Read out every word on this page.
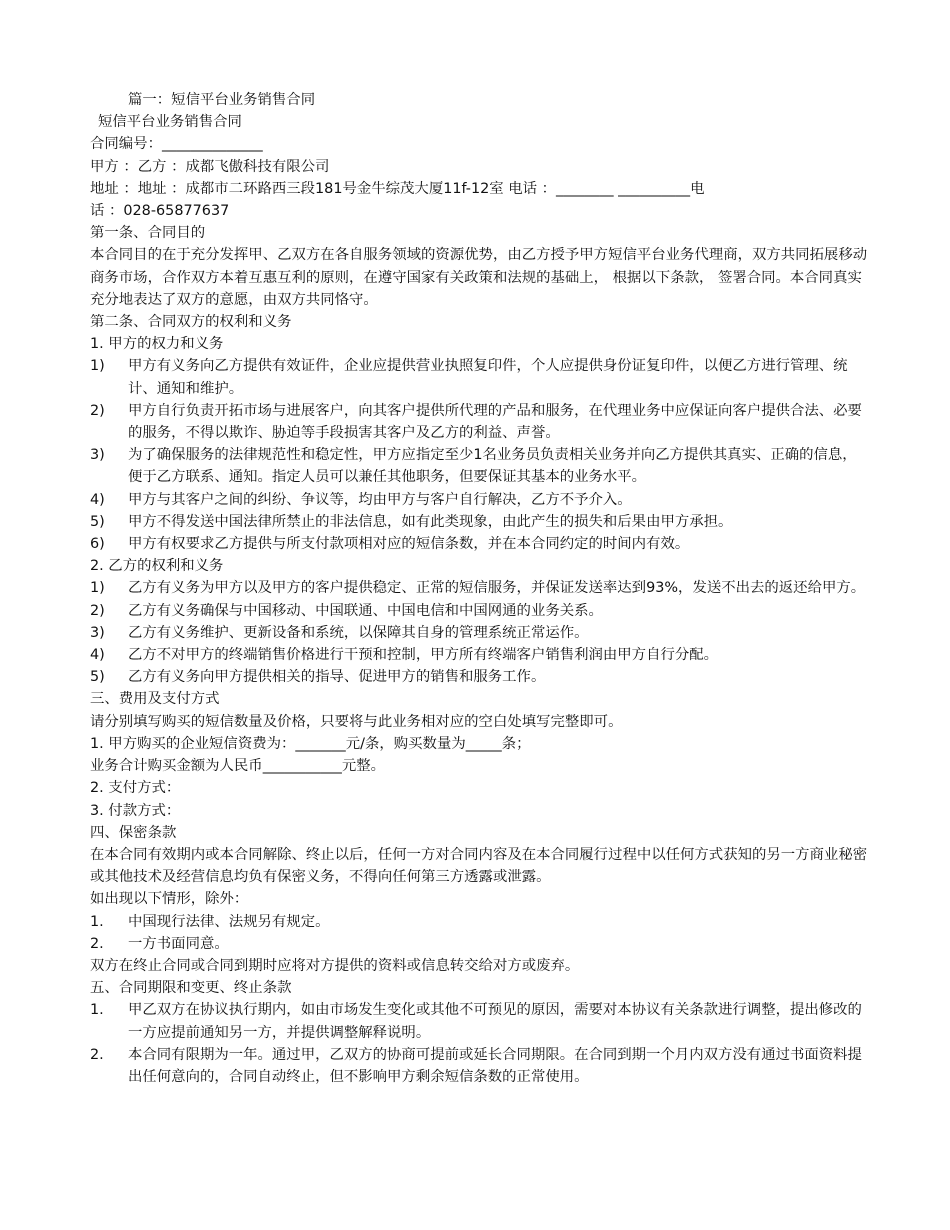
篇一：短信平台业务销售合同
短信平台业务销售合同
合同编号：______________
甲方 ：乙方 ：成都飞傲科技有限公司
地址 ：地址 ：成都市二环路西三段181号金牛综茂大厦11f-12室 电话 ：________ __________电
话 ：028-65877637
第一条、合同目的

本合同目的在于充分发挥甲、乙双方在各自服务领域的资源优势，由乙方授予甲方短信平台业务代理商，双方共同拓展移动商务市场，合作双方本着互惠互利的原则，在遵守国家有关政策和法规的基础上， 根据以下条款， 签署合同。本合同真实充分地表达了双方的意愿，由双方共同恪守。

第二条、合同双方的权利和义务
1. 甲方的权力和义务
1)	甲方有义务向乙方提供有效证件，企业应提供营业执照复印件，个人应提供身份证复印件，以便乙方进行管理、统计、通知和维护。
2)	甲方自行负责开拓市场与进展客户，向其客户提供所代理的产品和服务，在代理业务中应保证向客户提供合法、必要的服务，不得以欺诈、胁迫等手段损害其客户及乙方的利益、声誉。
3)	为了确保服务的法律规范性和稳定性，甲方应指定至少1名业务员负责相关业务并向乙方提供其真实、正确的信息，便于乙方联系、通知。指定人员可以兼任其他职务，但要保证其基本的业务水平。
4)	甲方与其客户之间的纠纷、争议等，均由甲方与客户自行解决，乙方不予介入。
5)	甲方不得发送中国法律所禁止的非法信息，如有此类现象，由此产生的损失和后果由甲方承担。
6)	甲方有权要求乙方提供与所支付款项相对应的短信条数，并在本合同约定的时间内有效。
2. 乙方的权利和义务
1)	乙方有义务为甲方以及甲方的客户提供稳定、正常的短信服务，并保证发送率达到93%，发送不出去的返还给甲方。
2)	乙方有义务确保与中国移动、中国联通、中国电信和中国网通的业务关系。
3)	乙方有义务维护、更新设备和系统，以保障其自身的管理系统正常运作。
4)	乙方不对甲方的终端销售价格进行干预和控制，甲方所有终端客户销售利润由甲方自行分配。
5)	乙方有义务向甲方提供相关的指导、促进甲方的销售和服务工作。
三、费用及支付方式
请分别填写购买的短信数量及价格，只要将与此业务相对应的空白处填写完整即可。
1. 甲方购买的企业短信资费为：_______元/条，购买数量为_____条；
业务合计购买金额为人民币___________元整。
2. 支付方式：
3. 付款方式：
四、保密条款

在本合同有效期内或本合同解除、终止以后，任何一方对合同内容及在本合同履行过程中以任何方式获知的另一方商业秘密或其他技术及经营信息均负有保密义务，不得向任何第三方透露或泄露。

如出现以下情形，除外：
1.	中国现行法律、法规另有规定。
2.	一方书面同意。
双方在终止合同或合同到期时应将对方提供的资料或信息转交给对方或废弃。
五、合同期限和变更、终止条款
1.	甲乙双方在协议执行期内，如由市场发生变化或其他不可预见的原因，需要对本协议有关条款进行调整，提出修改的一方应提前通知另一方，并提供调整解释说明。
2.	本合同有限期为一年。通过甲，乙双方的协商可提前或延长合同期限。在合同到期一个月内双方没有通过书面资料提出任何意向的，合同自动终止，但不影响甲方剩余短信条数的正常使用。
